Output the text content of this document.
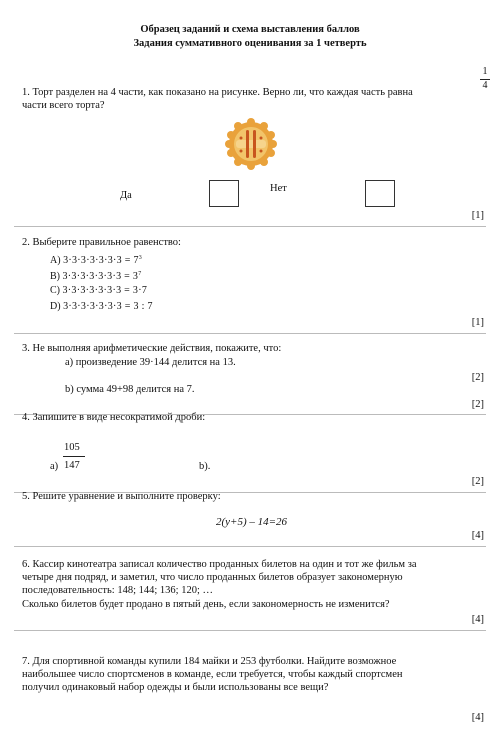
Образец заданий и схема выставления баллов
Задания суммативного оценивания за 1 четверть
1. Торт разделен на 4 части, как показано на рисунке. Верно ли, что каждая часть равна
1
4
части всего торта?
Да
Нет
[1]
2. Выберите правильное равенство:
A) $3\cdot 3\cdot 3\cdot 3\cdot 3\cdot 3\cdot 3 = 7^3$
B) $3\cdot 3\cdot 3\cdot 3\cdot 3\cdot 3\cdot 3 = 3^7$
C) 3·3·3·3·3·3·3 = 3·7
D) 3·3·3·3·3·3·3 = 3 : 7
[1]
3. Не выполняя арифметические действия, покажите, что:
а) произведение 39·144 делится на 13.
[2]
b) сумма 49+98 делится на 7.
[2]
4. Запишите в виде несократимой дроби:
а)
105
147	b).
[2]
5. Решите уравнение и выполните проверку:
2(y+5) – 14=26
[4]
6. Кассир кинотеатра записал количество проданных билетов на один и тот же фильм за
четыре дня подряд, и заметил, что число проданных билетов образует закономерную
последовательность: 148; 144; 136; 120; …
Сколько билетов будет продано в пятый день, если закономерность не изменится?
[4]
7. Для спортивной команды купили 184 майки и 253 футболки. Найдите возможное
наибольшее число спортсменов в команде, если требуется, чтобы каждый спортсмен
получил одинаковый набор одежды и были использованы все вещи?
[4]
